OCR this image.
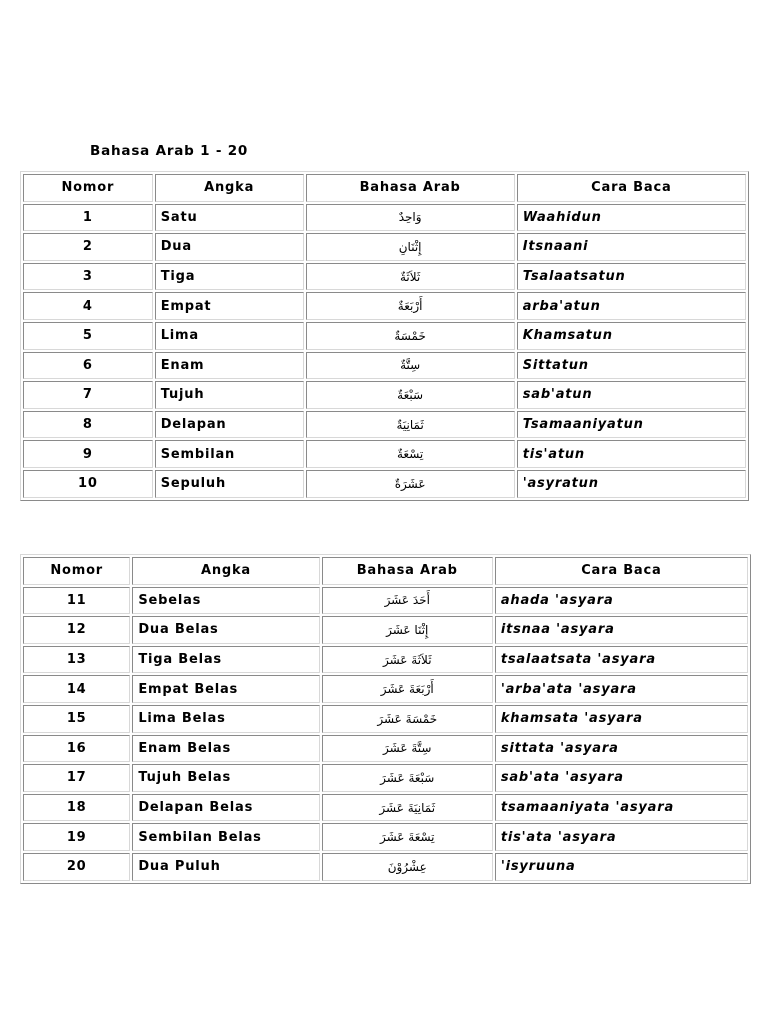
Bahasa Arab 1 - 20
Nomor	Angka	Bahasa Arab	Cara Baca
1	Satu	وَاحِدٌ	Waahidun
2	Dua	إِثْنَانِ	Itsnaani
3	Tiga	ثَلاَثَةٌ	Tsalaatsatun
4	Empat	أَرْبَعَةٌ	arba'atun
5	Lima	خَمْسَةٌ	Khamsatun
6	Enam	سِتَّةٌ	Sittatun
7	Tujuh	سَبْعَةٌ	sab'atun
8	Delapan	ثَمَانِيَةٌ	Tsamaaniyatun
9	Sembilan	تِسْعَةٌ	tis'atun
10	Sepuluh	عَشَرَةٌ	'asyratun
Nomor	Angka	Bahasa Arab	Cara Baca
11	Sebelas	أَحَدَ عَشَرَ	ahada 'asyara
12	Dua Belas	إِثْنَا عَشَرَ	itsnaa 'asyara
13	Tiga Belas	ثَلاَثَةَ عَشَرَ	tsalaatsata 'asyara
14	Empat Belas	أَرْبَعَةَ عَشَرَ	'arba'ata 'asyara
15	Lima Belas	خَمْسَةَ عَشَرَ	khamsata 'asyara
16	Enam Belas	سِتَّةَ عَشَرَ	sittata 'asyara
17	Tujuh Belas	سَبْعَةَ عَشَرَ	sab'ata 'asyara
18	Delapan Belas	ثَمَانِيَةَ عَشَرَ	tsamaaniyata 'asyara
19	Sembilan Belas	تِسْعَةَ عَشَرَ	tis'ata 'asyara
20	Dua Puluh	عِشْرُوْنَ	'isyruuna
